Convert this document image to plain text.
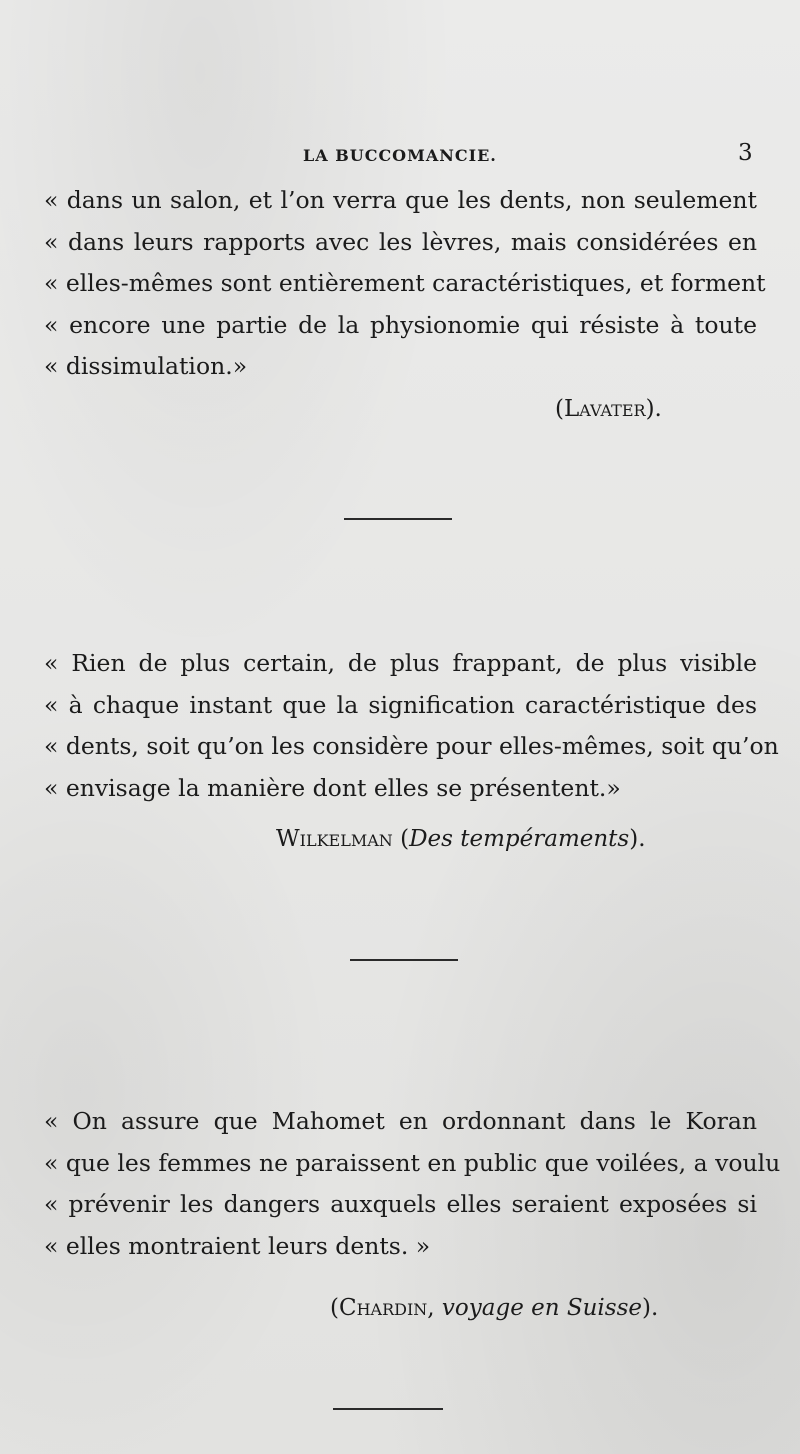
LA BUCCOMANCIE.	3
« dans un salon, et l’on verra que les dents, non seulement
« dans leurs rapports avec les lèvres, mais considérées en
« elles-mêmes sont entièrement caractéristiques, et forment
« encore une partie de la physionomie qui résiste à toute
« dissimulation.»
(Lavater).
« Rien de plus certain, de plus frappant, de plus visible
« à chaque instant que la signification caractéristique des
« dents, soit qu’on les considère pour elles-mêmes, soit qu’on
« envisage la manière dont elles se présentent.»
Wilkelman (Des tempéraments).
« On assure que Mahomet en ordonnant dans le Koran
« que les femmes ne paraissent en public que voilées, a voulu
« prévenir les dangers auxquels elles seraient exposées si
« elles montraient leurs dents. »
(Chardin, voyage en Suisse).
